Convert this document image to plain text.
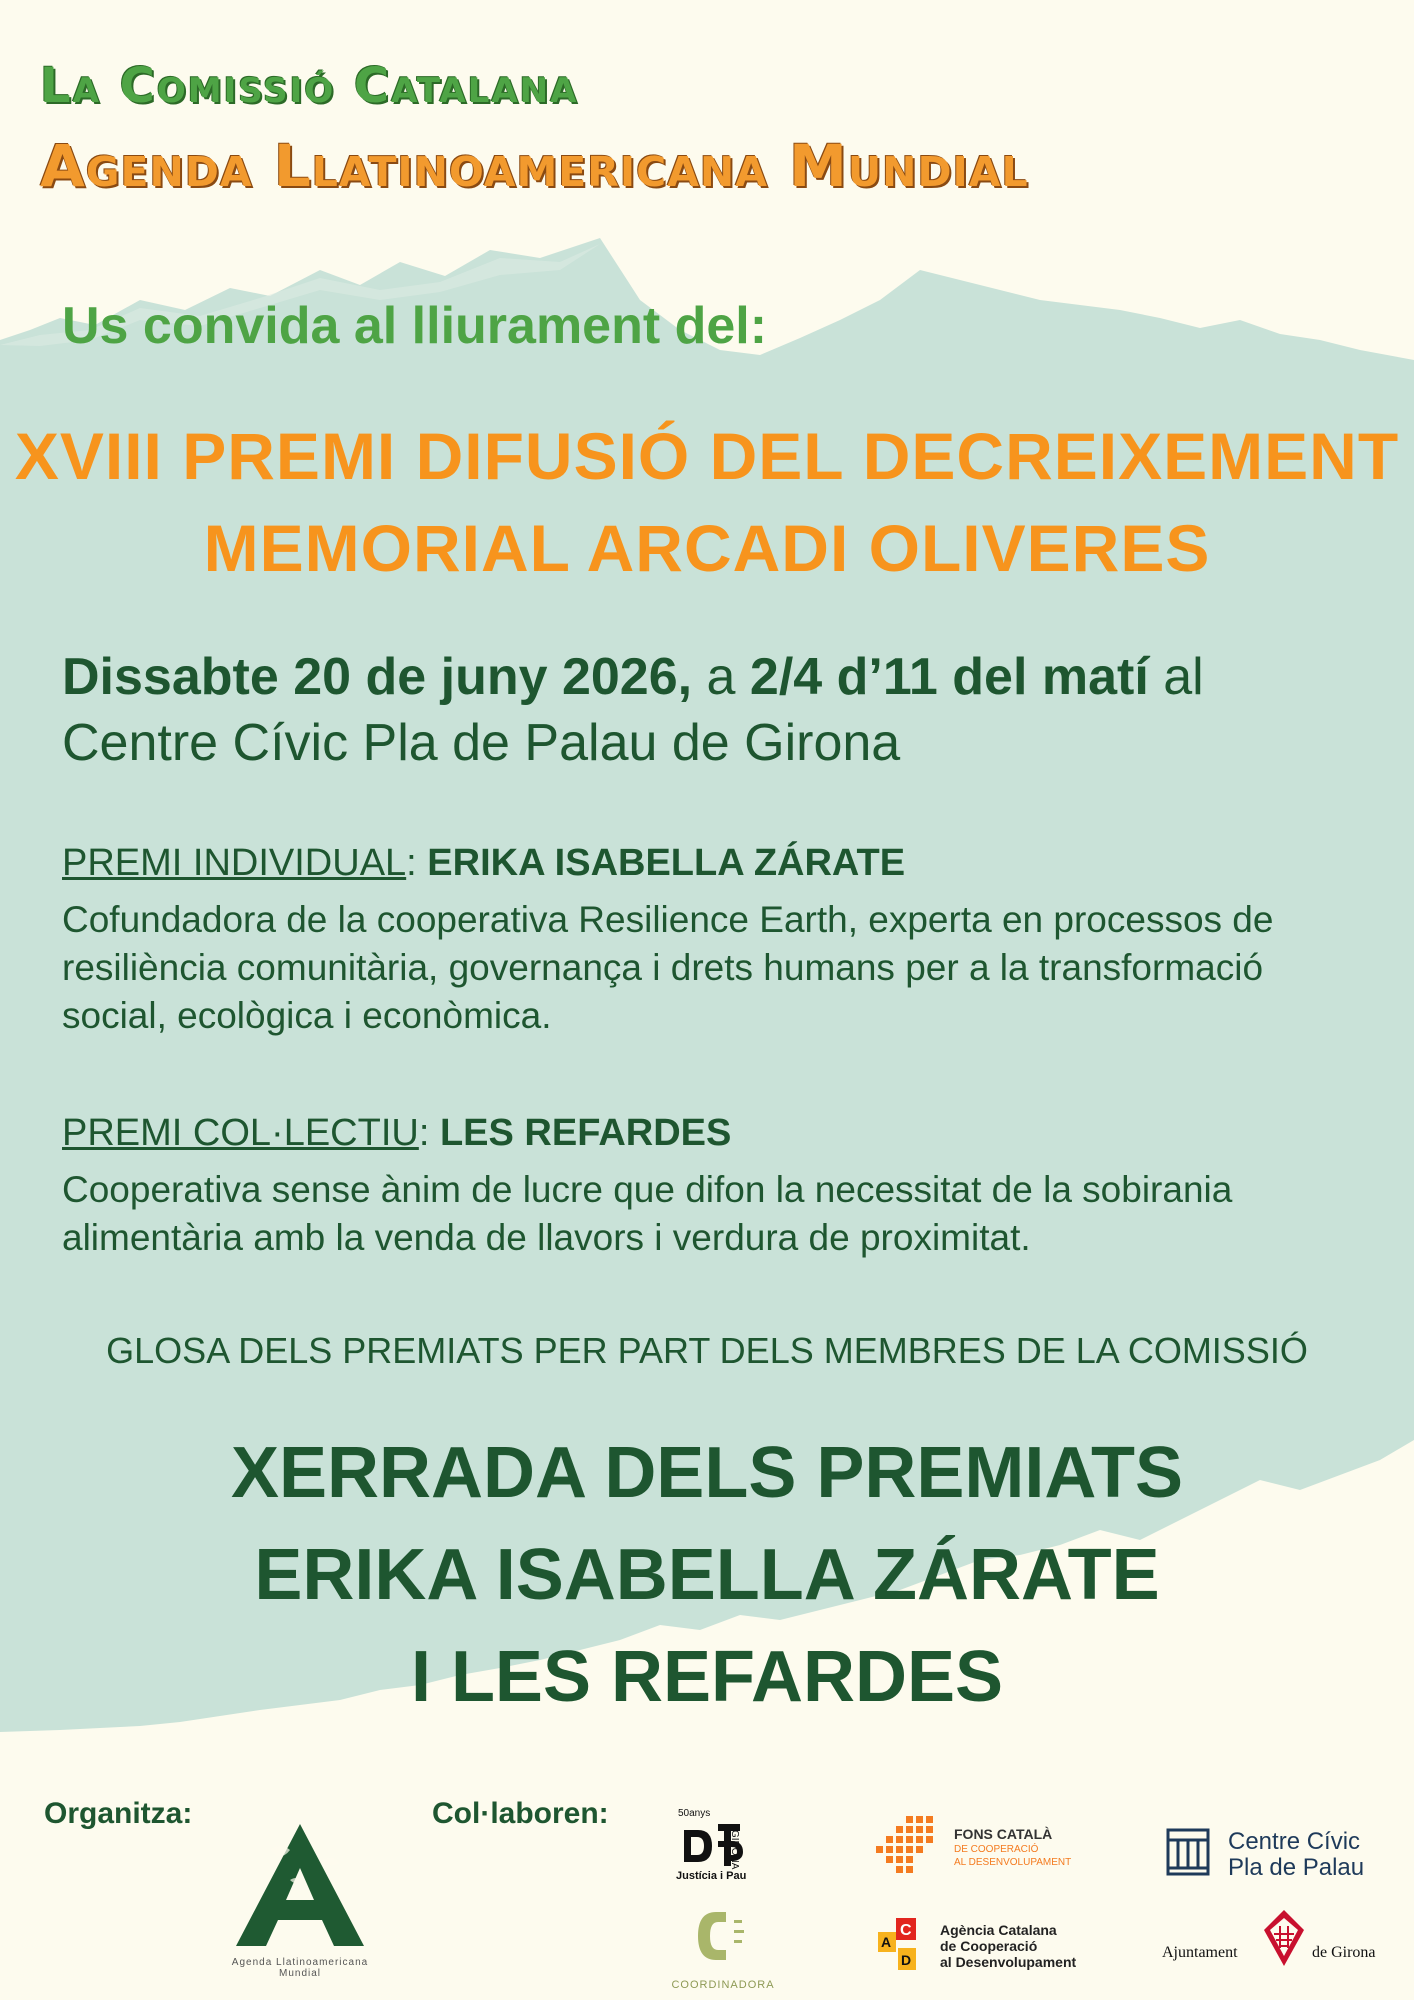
La Comissió Catalana
Agenda Llatinoamericana Mundial
Us convida al lliurament del:
XVIII PREMI DIFUSIÓ DEL DECREIXEMENT
MEMORIAL ARCADI OLIVERES
Dissabte 20 de juny 2026, a 2/4 d’11 del matí al Centre Cívic Pla de Palau de Girona
PREMI INDIVIDUAL: ERIKA ISABELLA ZÁRATE
Cofundadora de la cooperativa Resilience Earth, experta en processos de resiliència comunitària, governança i drets humans per a la transformació social, ecològica i econòmica.
PREMI COL·LECTIU: LES REFARDES
Cooperativa sense ànim de lucre que difon la necessitat de la sobirania alimentària amb la venda de llavors i verdura de proximitat.
GLOSA DELS PREMIATS PER PART DELS MEMBRES DE LA COMISSIÓ
XERRADA DELS PREMIATS
ERIKA ISABELLA ZÁRATE
I LES REFARDES
Organitza:	Col·laboren:
Agenda Llatinoamericana
Mundial
50anys
Justícia i Pau
GIRONA
COORDINADORA
FONS CATALÀ
DE COOPERACIÓ
AL DESENVOLUPAMENT
A
C
D
Agència Catalana
de Cooperació
al Desenvolupament
Centre Cívic
Pla de Palau
Ajuntament	de Girona
